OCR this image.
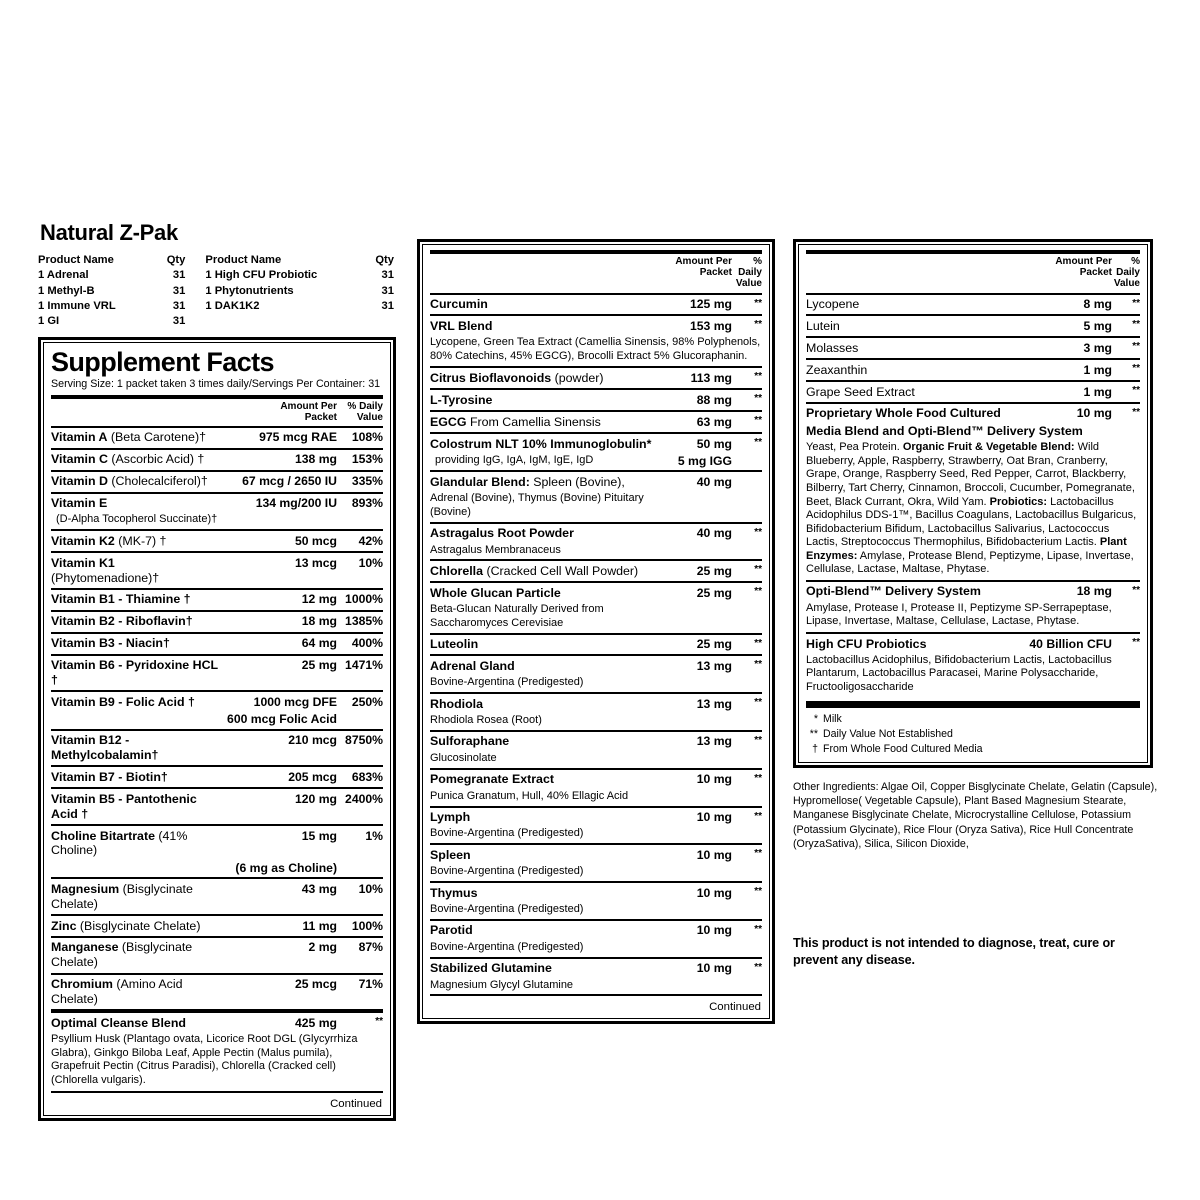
Natural Z-Pak
Product Name	Qty	Product Name	Qty
1 Adrenal	31	1 High CFU Probiotic	31
1 Methyl-B	31	1 Phytonutrients	31
1 Immune VRL	31	1 DAK1K2	31
1 GI	31		
Supplement Facts
Serving Size: 1 packet taken 3 times daily/Servings Per Container: 31
	Amount Per
Packet	% Daily
Value
Vitamin A (Beta Carotene)†	975 mcg RAE	108%
Vitamin C (Ascorbic Acid) †	138 mg	153%
Vitamin D (Cholecalciferol)†	67 mcg / 2650 IU	335%
Vitamin E	134 mg/200 IU	893%
(D-Alpha Tocopherol Succinate)†		
Vitamin K2 (MK-7) †	50 mcg	42%
Vitamin K1 (Phytomenadione)†	13 mcg	10%
Vitamin B1 - Thiamine †	12 mg	1000%
Vitamin B2 - Riboflavin†	18 mg	1385%
Vitamin B3 - Niacin†	64 mg	400%
Vitamin B6 - Pyridoxine HCL †	25 mg	1471%
Vitamin B9 - Folic Acid †	1000 mcg DFE	250%
	600 mcg Folic Acid	
Vitamin B12 - Methylcobalamin†	210 mcg	8750%
Vitamin B7 - Biotin†	205 mcg	683%
Vitamin B5 - Pantothenic Acid †	120 mg	2400%
Choline Bitartrate (41% Choline)	15 mg	1%
	(6 mg as Choline)	
Magnesium (Bisglycinate Chelate)	43 mg	10%
Zinc (Bisglycinate Chelate)	11 mg	100%
Manganese (Bisglycinate Chelate)	2 mg	87%
Chromium (Amino Acid Chelate)	25 mcg	71%
Optimal Cleanse Blend	425 mg	**
Psyllium Husk (Plantago ovata, Licorice Root DGL (Glycyrrhiza Glabra), Ginkgo Biloba Leaf, Apple Pectin (Malus pumila), Grapefruit Pectin (Citrus Paradisi), Chlorella (Cracked cell) (Chlorella vulgaris).		

Continued
	Amount Per
Packet	% Daily
Value
Curcumin	125 mg	**
VRL Blend	153 mg	**
Lycopene, Green Tea Extract (Camellia Sinensis, 98% Polyphenols, 80% Catechins, 45% EGCG), Brocolli Extract 5% Glucoraphanin.		
Citrus Bioflavonoids (powder)	113 mg	**
L-Tyrosine	88 mg	**
EGCG From Camellia Sinensis	63 mg	**
Colostrum NLT 10% Immunoglobulin*	50 mg	**
providing IgG, IgA, IgM, IgE, IgD	5 mg IGG	
Glandular Blend: Spleen (Bovine),	40 mg	
Adrenal (Bovine), Thymus (Bovine) Pituitary (Bovine)		
Astragalus Root Powder	40 mg	**
Astragalus Membranaceus		
Chlorella (Cracked Cell Wall Powder)	25 mg	**
Whole Glucan Particle	25 mg	**
Beta-Glucan Naturally Derived from Saccharomyces Cerevisiae		
Luteolin	25 mg	**
Adrenal Gland	13 mg	**
Bovine-Argentina (Predigested)		
Rhodiola	13 mg	**
Rhodiola Rosea (Root)		
Sulforaphane	13 mg	**
Glucosinolate		
Pomegranate Extract	10 mg	**
Punica Granatum, Hull, 40% Ellagic Acid		
Lymph	10 mg	**
Bovine-Argentina (Predigested)		
Spleen	10 mg	**
Bovine-Argentina (Predigested)		
Thymus	10 mg	**
Bovine-Argentina (Predigested)		
Parotid	10 mg	**
Bovine-Argentina (Predigested)		
Stabilized Glutamine	10 mg	**
Magnesium Glycyl Glutamine		

Continued
	Amount Per
Packet	% Daily
Value
Lycopene	8 mg	**
Lutein	5 mg	**
Molasses	3 mg	**
Zeaxanthin	1 mg	**
Grape Seed Extract	1 mg	**
Proprietary Whole Food Cultured	10 mg	**
Media Blend and Opti-Blend™ Delivery System		
Yeast, Pea Protein. Organic Fruit & Vegetable Blend: Wild Blueberry, Apple, Raspberry, Strawberry, Oat Bran, Cranberry, Grape, Orange, Raspberry Seed, Red Pepper, Carrot, Blackberry, Bilberry, Tart Cherry, Cinnamon, Broccoli, Cucumber, Pomegranate, Beet, Black Currant, Okra, Wild Yam. Probiotics: Lactobacillus Acidophilus DDS-1™, Bacillus Coagulans, Lactobacillus Bulgaricus, Bifidobacterium Bifidum, Lactobacillus Salivarius, Lactococcus Lactis, Streptococcus Thermophilus, Bifidobacterium Lactis. Plant Enzymes: Amylase, Protease Blend, Peptizyme, Lipase, Invertase, Cellulase, Lactase, Maltase, Phytase.		
Opti-Blend™ Delivery System	18 mg	**
Amylase, Protease I, Protease II, Peptizyme SP-Serrapeptase, Lipase, Invertase, Maltase, Cellulase, Lactase, Phytase.		
High CFU Probiotics	40 Billion CFU	**
Lactobacillus Acidophilus, Bifidobacterium Lactis, Lactobacillus Plantarum, Lactobacillus Paracasei, Marine Polysaccharide, Fructooligosaccharide		
* Milk
** Daily Value Not Established
† From Whole Food Cultured Media
Other Ingredients: Algae Oil, Copper Bisglycinate Chelate, Gelatin (Capsule), Hypromellose( Vegetable Capsule), Plant Based Magnesium Stearate, Manganese Bisglycinate Chelate, Microcrystalline Cellulose, Potassium (Potassium Glycinate), Rice Flour (Oryza Sativa), Rice Hull Concentrate (OryzaSativa), Silica, Silicon Dioxide,
This product is not intended to diagnose, treat, cure or prevent any disease.
